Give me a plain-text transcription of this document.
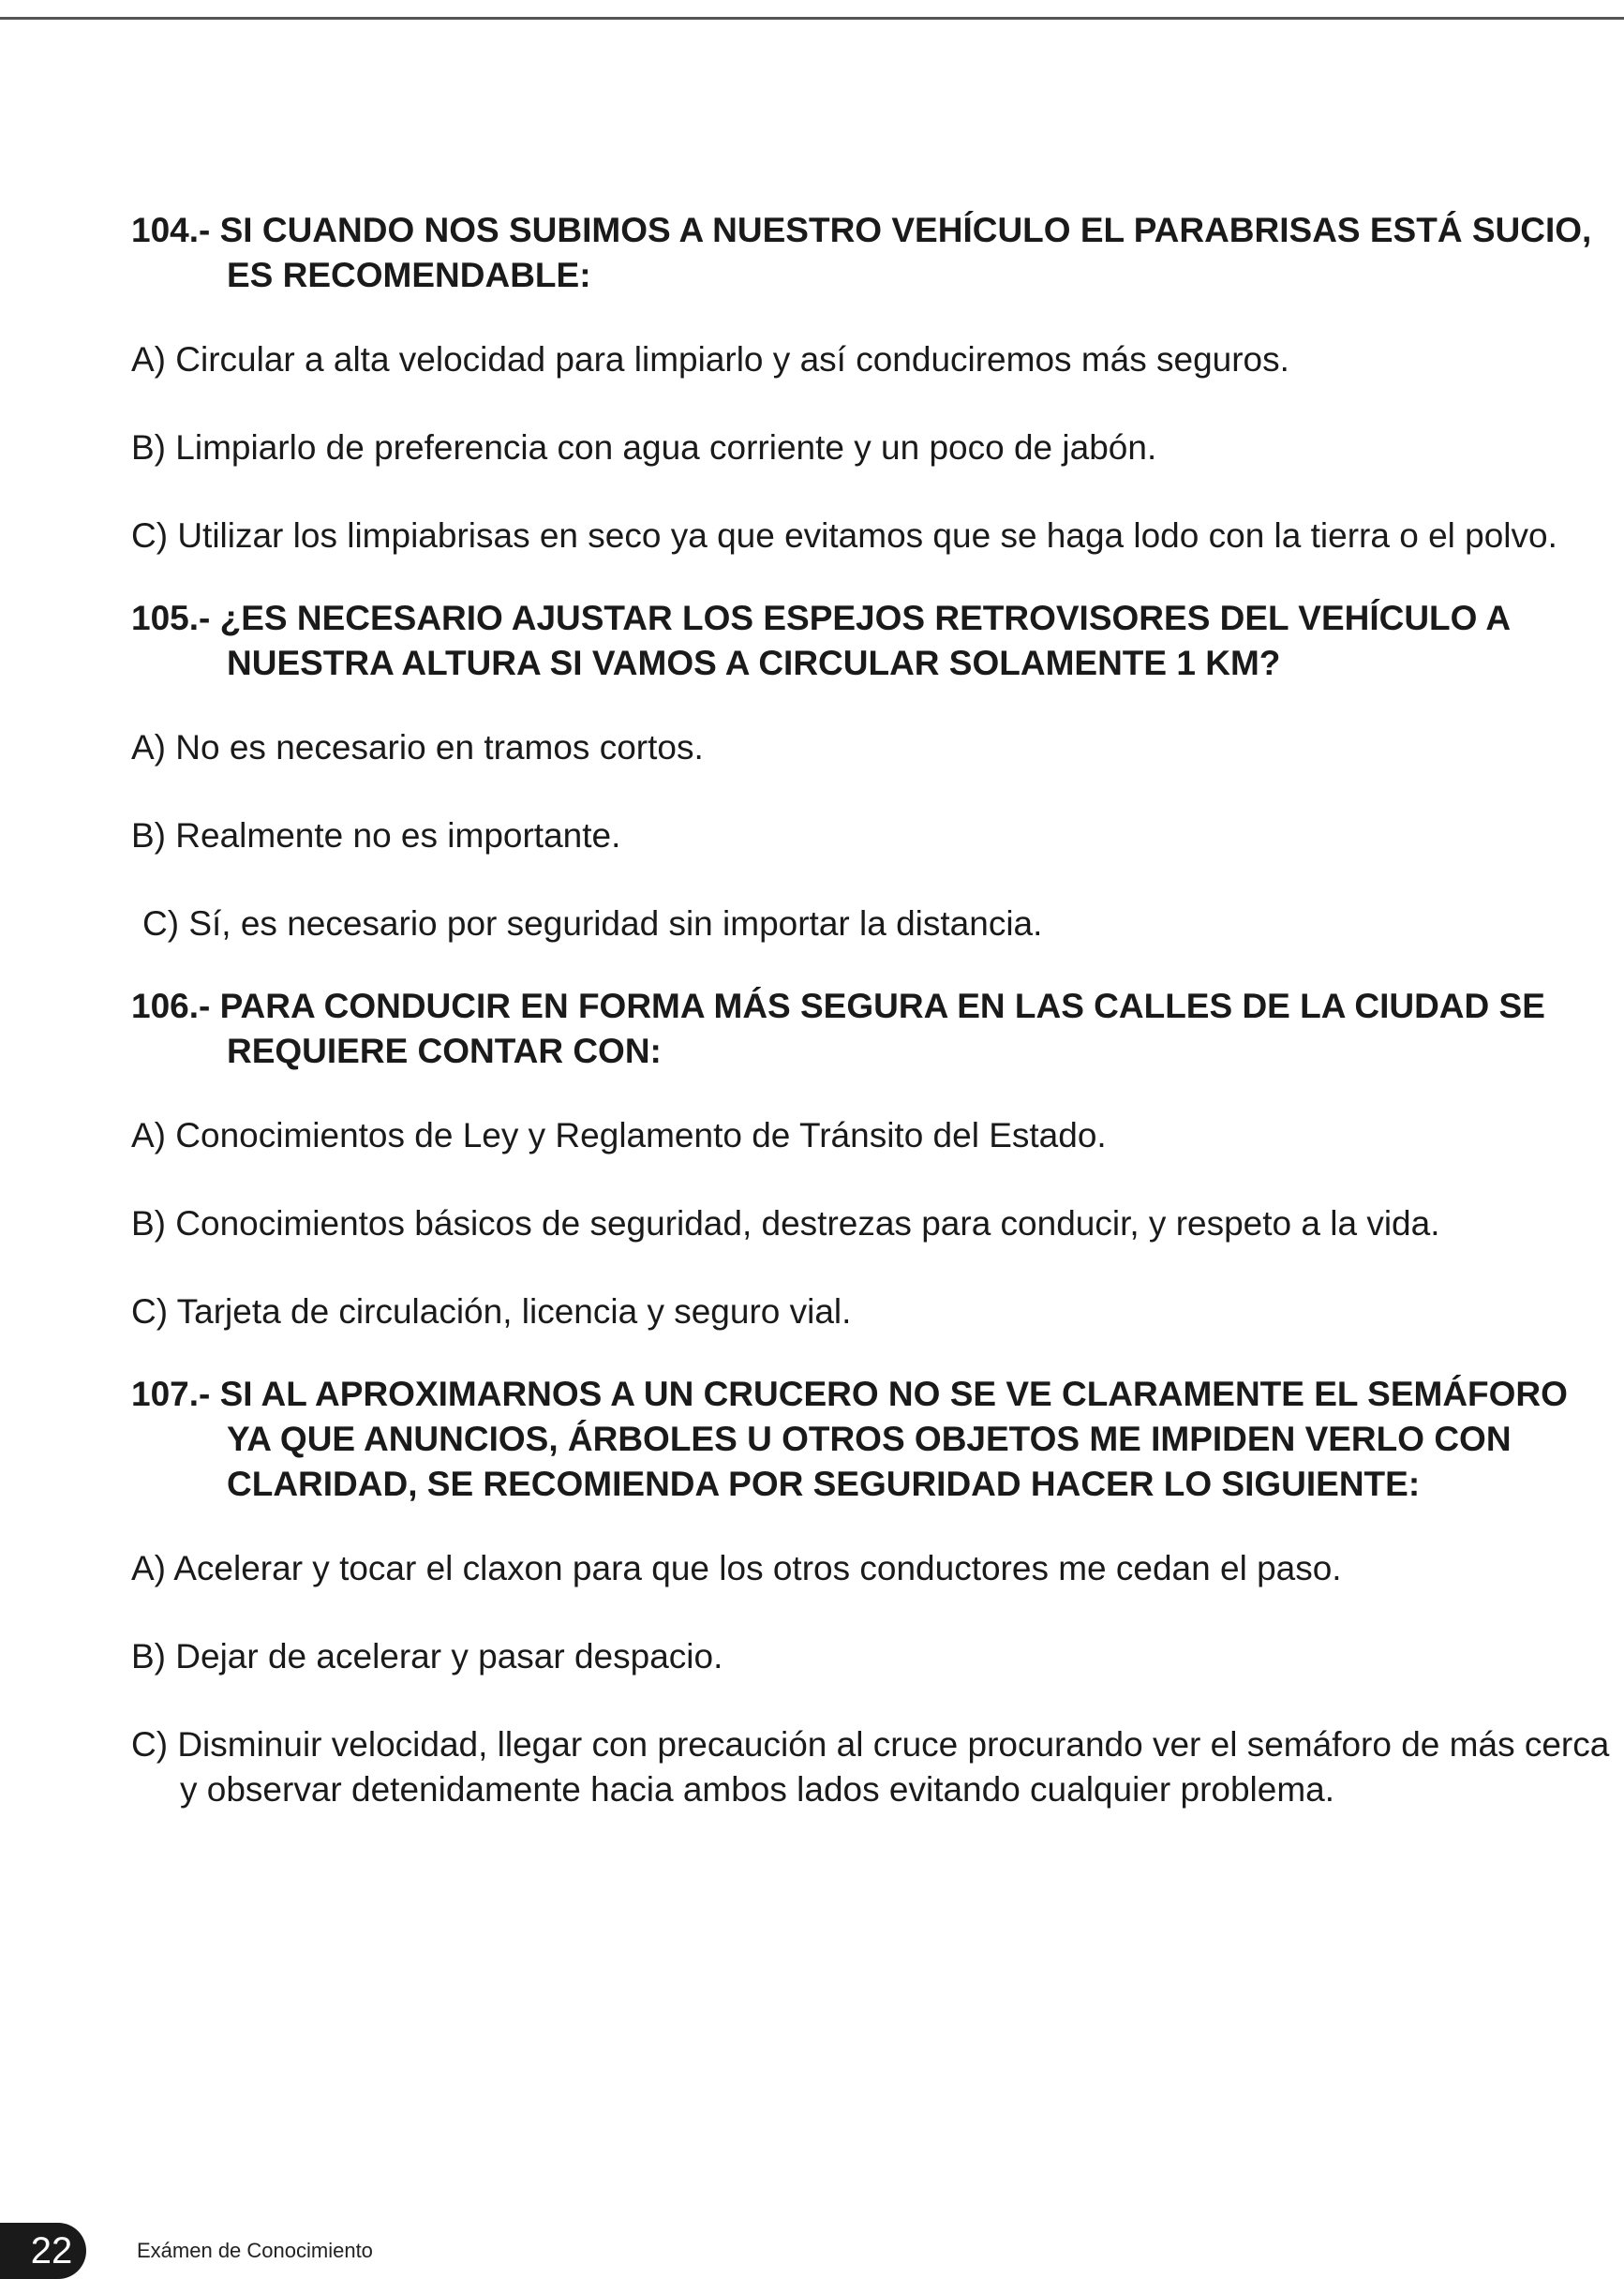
104.- SI CUANDO NOS SUBIMOS A NUESTRO VEHÍCULO EL PARABRISAS ESTÁ SUCIO, ES RECOMENDABLE:

A) Circular a alta velocidad para limpiarlo y así conduciremos más seguros.

B) Limpiarlo de preferencia con agua corriente y un poco de jabón.

C) Utilizar los limpiabrisas en seco ya que evitamos que se haga lodo con la tierra o el polvo.

105.- ¿ES NECESARIO AJUSTAR LOS ESPEJOS RETROVISORES DEL VEHÍCULO A NUESTRA ALTURA SI VAMOS A CIRCULAR SOLAMENTE 1 KM?

A) No es necesario en tramos cortos.

B) Realmente no es importante.

C) Sí, es necesario por seguridad sin importar la distancia.

106.- PARA CONDUCIR EN FORMA MÁS SEGURA EN LAS CALLES DE LA CIUDAD SE REQUIERE CONTAR CON:

A) Conocimientos de Ley y Reglamento de Tránsito del Estado.

B) Conocimientos básicos de seguridad, destrezas para conducir, y respeto a la vida.

C) Tarjeta de circulación, licencia y seguro vial.

107.- SI AL APROXIMARNOS A UN CRUCERO NO SE VE CLARAMENTE EL SEMÁFORO YA QUE ANUNCIOS, ÁRBOLES U OTROS OBJETOS ME IMPIDEN VERLO CON CLARIDAD, SE RECOMIENDA POR SEGURIDAD HACER LO SIGUIENTE:

A) Acelerar y tocar el claxon para que los otros conductores me cedan el paso.

B) Dejar de acelerar y pasar despacio.

C) Disminuir velocidad, llegar con precaución al cruce procurando ver el semáforo de más cerca y observar detenidamente hacia ambos lados evitando cualquier problema.

22	Exámen de Conocimiento
